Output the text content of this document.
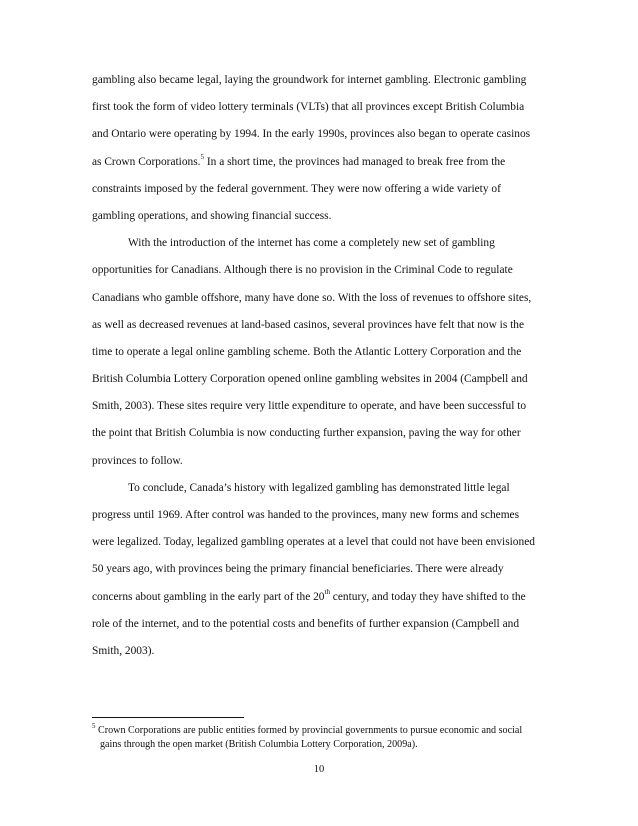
gambling also became legal, laying the groundwork for internet gambling. Electronic gambling
first took the form of video lottery terminals (VLTs) that all provinces except British Columbia
and Ontario were operating by 1994. In the early 1990s, provinces also began to operate casinos
as Crown Corporations.$^5$ In a short time, the provinces had managed to break free from the
constraints imposed by the federal government. They were now offering a wide variety of
gambling operations, and showing financial success.
With the introduction of the internet has come a completely new set of gambling
opportunities for Canadians. Although there is no provision in the Criminal Code to regulate
Canadians who gamble offshore, many have done so. With the loss of revenues to offshore sites,
as well as decreased revenues at land-based casinos, several provinces have felt that now is the
time to operate a legal online gambling scheme. Both the Atlantic Lottery Corporation and the
British Columbia Lottery Corporation opened online gambling websites in 2004 (Campbell and
Smith, 2003). These sites require very little expenditure to operate, and have been successful to
the point that British Columbia is now conducting further expansion, paving the way for other
provinces to follow.
To conclude, Canada’s history with legalized gambling has demonstrated little legal
progress until 1969. After control was handed to the provinces, many new forms and schemes
were legalized. Today, legalized gambling operates at a level that could not have been envisioned
50 years ago, with provinces being the primary financial beneficiaries. There were already
concerns about gambling in the early part of the 20th century, and today they have shifted to the
role of the internet, and to the potential costs and benefits of further expansion (Campbell and
Smith, 2003).
$^5$ Crown Corporations are public entities formed by provincial governments to pursue economic and social
gains through the open market (British Columbia Lottery Corporation, 2009a).
10
